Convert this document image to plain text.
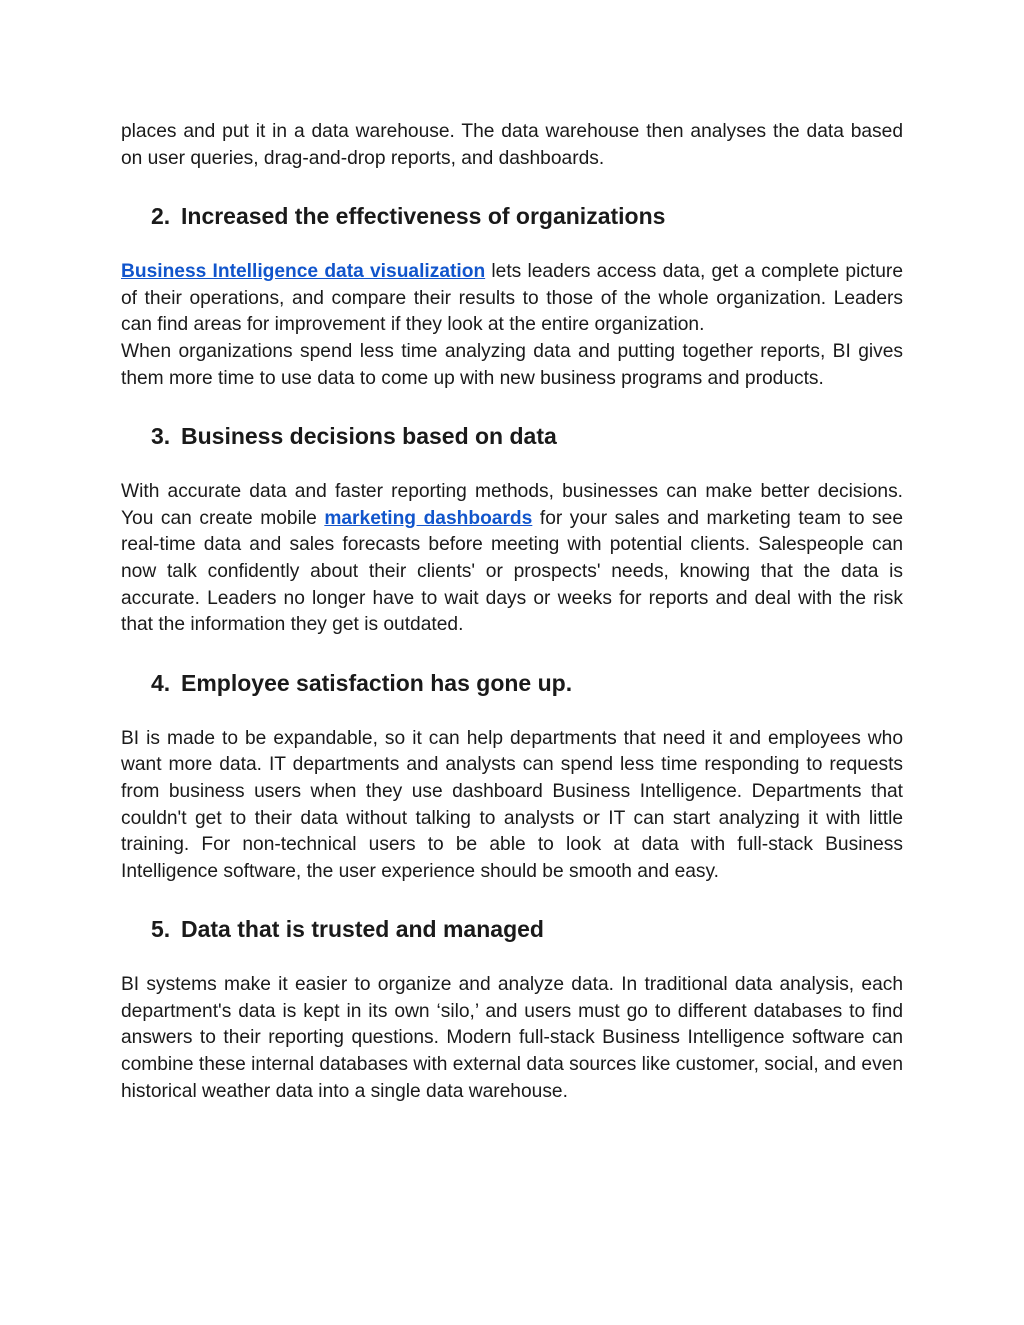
places and put it in a data warehouse. The data warehouse then analyses the data based on user queries, drag-and-drop reports, and dashboards.

2. Increased the effectiveness of organizations

Business Intelligence data visualization lets leaders access data, get a complete picture of their operations, and compare their results to those of the whole organization. Leaders can find areas for improvement if they look at the entire organization.

When organizations spend less time analyzing data and putting together reports, BI gives them more time to use data to come up with new business programs and products.

3. Business decisions based on data

With accurate data and faster reporting methods, businesses can make better decisions. You can create mobile marketing dashboards for your sales and marketing team to see real-time data and sales forecasts before meeting with potential clients. Salespeople can now talk confidently about their clients' or prospects' needs, knowing that the data is accurate. Leaders no longer have to wait days or weeks for reports and deal with the risk that the information they get is outdated.

4. Employee satisfaction has gone up.

BI is made to be expandable, so it can help departments that need it and employees who want more data. IT departments and analysts can spend less time responding to requests from business users when they use dashboard Business Intelligence. Departments that couldn't get to their data without talking to analysts or IT can start analyzing it with little training. For non-technical users to be able to look at data with full-stack Business Intelligence software, the user experience should be smooth and easy.

5. Data that is trusted and managed

BI systems make it easier to organize and analyze data. In traditional data analysis, each department's data is kept in its own ‘silo,’ and users must go to different databases to find answers to their reporting questions. Modern full-stack Business Intelligence software can combine these internal databases with external data sources like customer, social, and even historical weather data into a single data warehouse.
